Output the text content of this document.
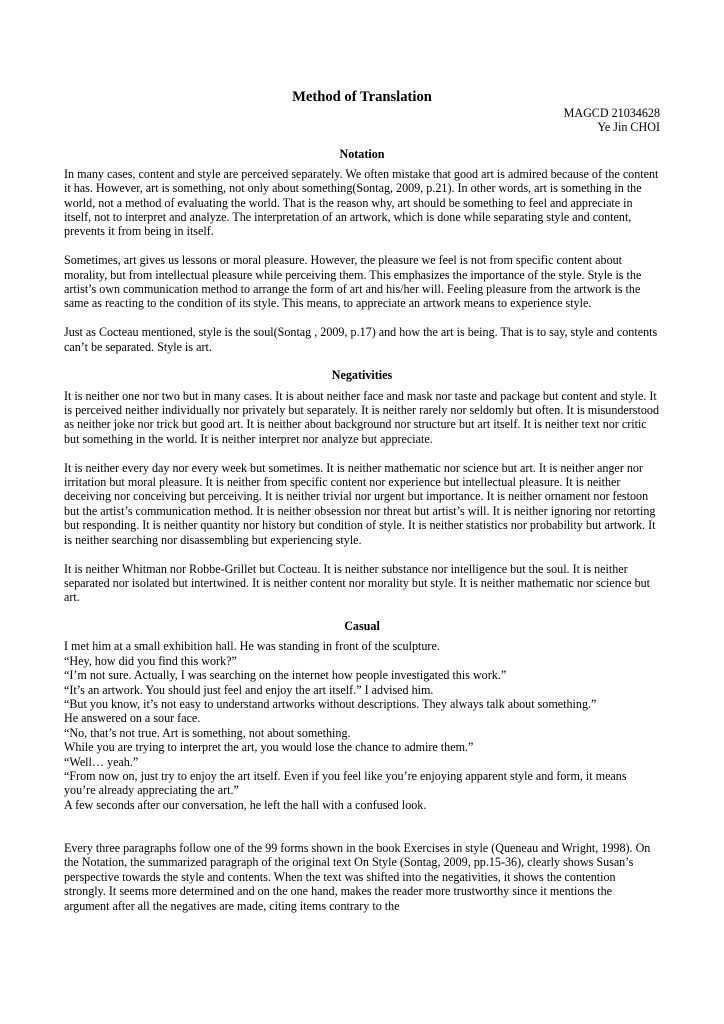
Method of Translation
MAGCD 21034628
Ye Jin CHOI
Notation

In many cases, content and style are perceived separately. We often mistake that good art is admired because of the content it has. However, art is something, not only about something(Sontag, 2009, p.21). In other words, art is something in the world, not a method of evaluating the world. That is the reason why, art should be something to feel and appreciate in itself, not to interpret and analyze. The interpretation of an artwork, which is done while separating style and content, prevents it from being in itself.

Sometimes, art gives us lessons or moral pleasure. However, the pleasure we feel is not from specific content about morality, but from intellectual pleasure while perceiving them. This emphasizes the importance of the style. Style is the artist’s own communication method to arrange the form of art and his/her will. Feeling pleasure from the artwork is the same as reacting to the condition of its style. This means, to appreciate an artwork means to experience style.

Just as Cocteau mentioned, style is the soul(Sontag , 2009, p.17) and how the art is being. That is to say, style and contents can’t be separated. Style is art.

Negativities

It is neither one nor two but in many cases. It is about neither face and mask nor taste and package but content and style. It is perceived neither individually nor privately but separately. It is neither rarely nor seldomly but often. It is misunderstood as neither joke nor trick but good art. It is neither about background nor structure but art itself. It is neither text nor critic but something in the world. It is neither interpret nor analyze but appreciate.

It is neither every day nor every week but sometimes. It is neither mathematic nor science but art. It is neither anger nor irritation but moral pleasure. It is neither from specific content nor experience but intellectual pleasure. It is neither deceiving nor conceiving but perceiving. It is neither trivial nor urgent but importance. It is neither ornament nor festoon but the artist’s communication method. It is neither obsession nor threat but artist’s will. It is neither ignoring nor retorting but responding. It is neither quantity nor history but condition of style. It is neither statistics nor probability but artwork. It is neither searching nor disassembling but experiencing style.

It is neither Whitman nor Robbe-Grillet but Cocteau. It is neither substance nor intelligence but the soul. It is neither separated nor isolated but intertwined. It is neither content nor morality but style. It is neither mathematic nor science but art.

Casual
I met him at a small exhibition hall. He was standing in front of the sculpture.
“Hey, how did you find this work?”
“I’m not sure. Actually, I was searching on the internet how people investigated this work.”
“It’s an artwork. You should just feel and enjoy the art itself.” I advised him.
“But you know, it’s not easy to understand artworks without descriptions. They always talk about something.”
He answered on a sour face.
“No, that’s not true. Art is something, not about something.
While you are trying to interpret the art, you would lose the chance to admire them.”
“Well… yeah.”
“From now on, just try to enjoy the art itself. Even if you feel like you’re enjoying apparent style and form, it means you’re already appreciating the art.”
A few seconds after our conversation, he left the hall with a confused look.

Every three paragraphs follow one of the 99 forms shown in the book Exercises in style (Queneau and Wright, 1998). On the Notation, the summarized paragraph of the original text On Style (Sontag, 2009, pp.15-36), clearly shows Susan’s perspective towards the style and contents. When the text was shifted into the negativities, it shows the contention strongly. It seems more determined and on the one hand, makes the reader more trustworthy since it mentions the argument after all the negatives are made, citing items contrary to the
